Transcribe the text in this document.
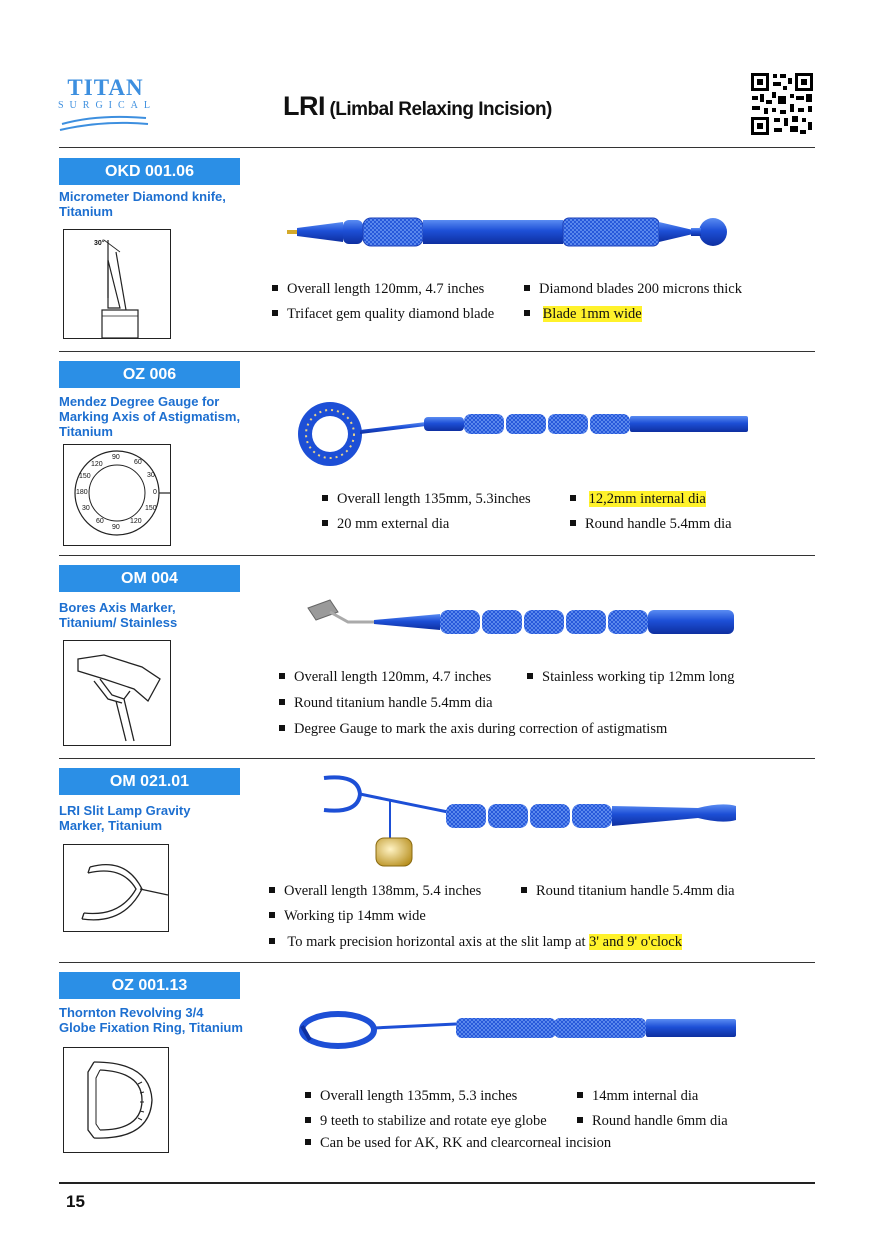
TITAN
SURGICAL	LRI (Limbal Relaxing Incision)
OKD 001.06
Micrometer Diamond knife,
Titanium
30°
Overall length 120mm, 4.7 inches	Diamond blades 200 microns thick
Trifacet gem quality diamond blade	Blade 1mm wide
OZ 006
Mendez Degree Gauge for
Marking Axis of Astigmatism,
Titanium
90
60
30
0
150
120
120
150
180
30
60
90
Overall length 135mm, 5.3inches	12,2mm internal dia
20 mm external dia	Round handle 5.4mm dia
OM 004
Bores Axis Marker,
Titanium/ Stainless
Overall length 120mm, 4.7 inches	Stainless working tip 12mm long
Round titanium handle 5.4mm dia
Degree Gauge to mark the axis during correction of astigmatism
OM 021.01
LRI Slit Lamp Gravity
Marker, Titanium
Overall length 138mm, 5.4 inches	Round titanium handle 5.4mm dia
Working tip 14mm wide
To mark precision horizontal axis at the slit lamp at 3' and 9' o'clock
OZ 001.13
Thornton Revolving 3/4
Globe Fixation Ring, Titanium
Overall length 135mm, 5.3 inches	14mm internal dia
9 teeth to stabilize and rotate eye globe	Round handle 6mm dia
Can be used for AK, RK and clearcorneal incision
15
